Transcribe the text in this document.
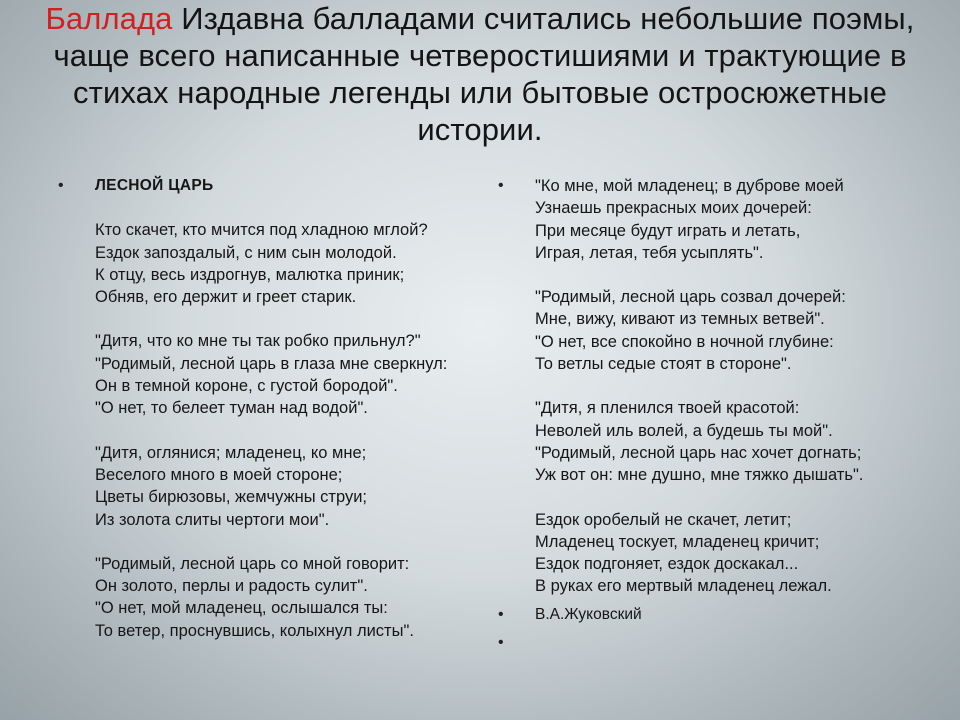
Баллада Издавна балладами считались небольшие поэмы, чаще всего написанные четверостишиями и трактующие в стихах народные легенды или бытовые остросюжетные истории.
• ЛЕСНОЙ ЦАРЬ
Кто скачет, кто мчится под хладною мглой?
Ездок запоздалый, с ним сын молодой.
К отцу, весь издрогнув, малютка приник;
Обняв, его держит и греет старик.
"Дитя, что ко мне ты так робко прильнул?"
"Родимый, лесной царь в глаза мне сверкнул:
Он в темной короне, с густой бородой".
"О нет, то белеет туман над водой".
"Дитя, оглянися; младенец, ко мне;
Веселого много в моей стороне;
Цветы бирюзовы, жемчужны струи;
Из золота слиты чертоги мои".
"Родимый, лесной царь со мной говорит:
Он золото, перлы и радость сулит".
"О нет, мой младенец, ослышался ты:
То ветер, проснувшись, колыхнул листы".
• "Ко мне, мой младенец; в дуброве моей
Узнаешь прекрасных моих дочерей:
При месяце будут играть и летать,
Играя, летая, тебя усыплять".
"Родимый, лесной царь созвал дочерей:
Мне, вижу, кивают из темных ветвей".
"О нет, все спокойно в ночной глубине:
То ветлы седые стоят в стороне".
"Дитя, я пленился твоей красотой:
Неволей иль волей, а будешь ты мой".
"Родимый, лесной царь нас хочет догнать;
Уж вот он: мне душно, мне тяжко дышать".
Ездок оробелый не скачет, летит;
Младенец тоскует, младенец кричит;
Ездок подгоняет, ездок доскакал...
В руках его мертвый младенец лежал.
• В.А.Жуковский
•
